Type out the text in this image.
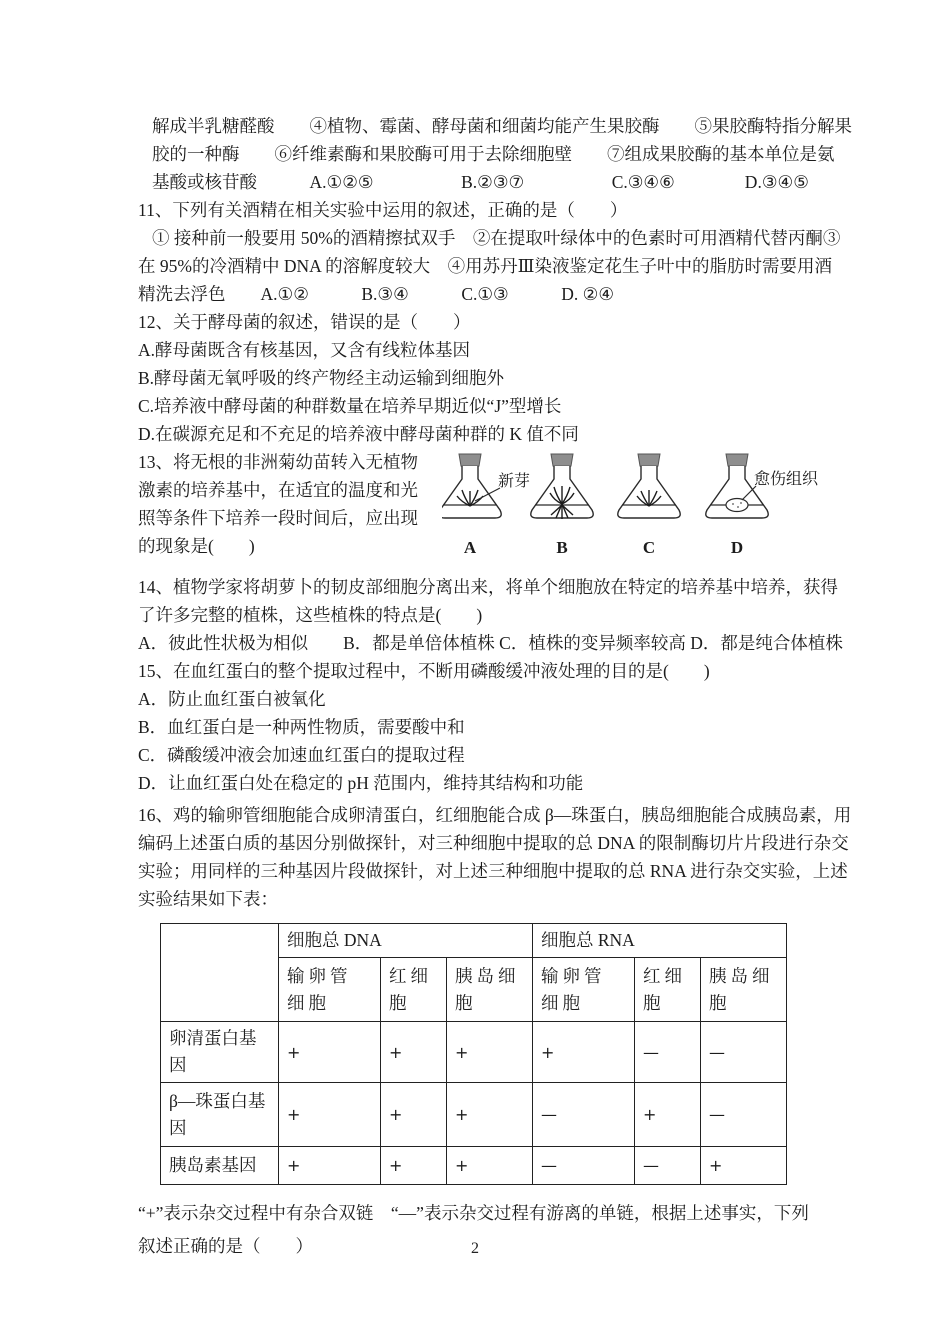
解成半乳糖醛酸　　④植物、霉菌、酵母菌和细菌均能产生果胶酶　　⑤果胶酶特指分解果
胶的一种酶　　⑥纤维素酶和果胶酶可用于去除细胞壁　　⑦组成果胶酶的基本单位是氨
基酸或核苷酸　　　A.①②⑤　　　　　B.②③⑦　　　　　C.③④⑥　　　　D.③④⑤
11、下列有关酒精在相关实验中运用的叙述，正确的是（　　）
① 接种前一般要用 50%的酒精擦拭双手　②在提取叶绿体中的色素时可用酒精代替丙酮③
在 95%的冷酒精中 DNA 的溶解度较大　④用苏丹Ⅲ染液鉴定花生子叶中的脂肪时需要用酒
精洗去浮色　　A.①②　　　B.③④　　　C.①③　　　D. ②④
12、关于酵母菌的叙述，错误的是（　　）
A.酵母菌既含有核基因，又含有线粒体基因
B.酵母菌无氧呼吸的终产物经主动运输到细胞外
C.培养液中酵母菌的种群数量在培养早期近似“J”型增长
D.在碳源充足和不充足的培养液中酵母菌种群的 K 值不同
13、将无根的非洲菊幼苗转入无植物
激素的培养基中，在适宜的温度和光
照等条件下培养一段时间后，应出现
的现象是(　　)
新芽
A	B	C
愈伤组织
D
14、植物学家将胡萝卜的韧皮部细胞分离出来，将单个细胞放在特定的培养基中培养，获得
了许多完整的植株，这些植株的特点是(　　)
A．彼此性状极为相似　　B．都是单倍体植株 C．植株的变异频率较高 D．都是纯合体植株
15、在血红蛋白的整个提取过程中，不断用磷酸缓冲液处理的目的是(　　)
A．防止血红蛋白被氧化
B．血红蛋白是一种两性物质，需要酸中和
C．磷酸缓冲液会加速血红蛋白的提取过程
D．让血红蛋白处在稳定的 pH 范围内，维持其结构和功能
16、鸡的输卵管细胞能合成卵清蛋白，红细胞能合成 β—珠蛋白，胰岛细胞能合成胰岛素，用
编码上述蛋白质的基因分别做探针，对三种细胞中提取的总 DNA 的限制酶切片片段进行杂交
实验；用同样的三种基因片段做探针，对上述三种细胞中提取的总 RNA 进行杂交实验，上述
实验结果如下表：
	细胞总 DNA			细胞总 RNA		
	输卵管细胞	红细胞	胰岛细胞	输卵管细胞	红细胞	胰岛细胞
卵清蛋白基因	+	+	+	+	—	—
β—珠蛋白基因	+	+	+	—	+	—
胰岛素基因	+	+	+	—	—	+
“+”表示杂交过程中有杂合双链　“—”表示杂交过程有游离的单链，根据上述事实，下列
叙述正确的是（　　）	2
